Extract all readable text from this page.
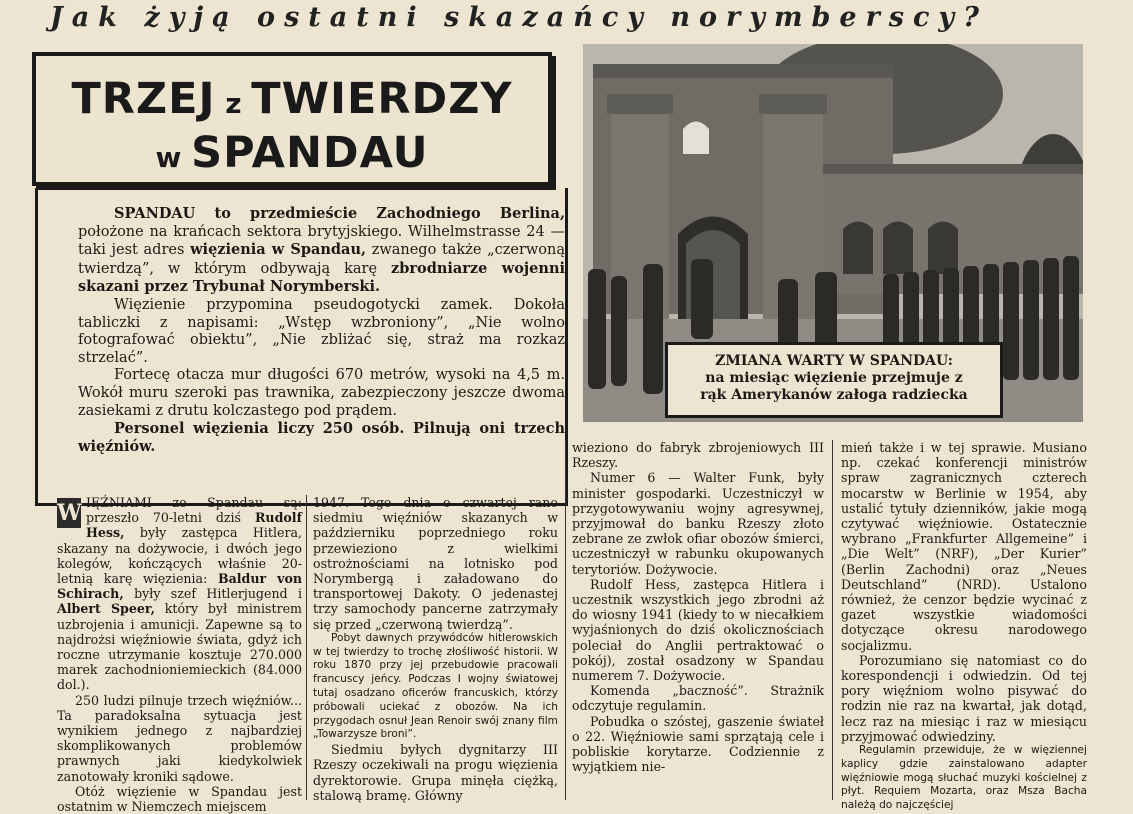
Jak żyją ostatni skazańcy norymberscy?
TRZEJ z TWIERDZY
w SPANDAU

SPANDAU to przedmieście Zachodniego Berlina, położone na krańcach sektora brytyjskiego. Wilhelmstrasse 24 — taki jest adres więzienia w Spandau, zwanego także „czerwoną twierdzą”, w którym odbywają karę zbrodniarze wojenni skazani przez Trybunał Norymberski.

Więzienie przypomina pseudogotycki zamek. Dokoła tabliczki z napisami: „Wstęp wzbroniony”, „Nie wolno fotografować obiektu”, „Nie zbliżać się, straż ma rozkaz strzelać”.

Fortecę otacza mur długości 670 metrów, wysoki na 4,5 m. Wokół muru szeroki pas trawnika, zabezpieczony jeszcze dwoma zasiekami z drutu kolczastego pod prądem.

Personel więzienia liczy 250 osób. Pilnują oni trzech więźniów.

ZMIANA WARTY W SPANDAU:
na miesiąc więzienie przejmuje z
rąk Amerykanów załoga radziecka

W IĘŹNIAMI ze Spandau są: przeszło 70-letni dziś Rudolf Hess, były zastępca Hitlera, skazany na dożywocie, i dwóch jego kolegów, kończących właśnie 20-letnią karę więzienia: Baldur von Schirach, były szef Hitlerjugend i Albert Speer, który był ministrem uzbrojenia i amunicji. Zapewne są to najdrożsi więźniowie świata, gdyż ich roczne utrzymanie kosztuje 270.000 marek zachodnioniemieckich (84.000 dol.).

250 ludzi pilnuje trzech więźniów... Ta paradoksalna sytuacja jest wynikiem jednego z najbardziej skomplikowanych problemów prawnych jaki kiedykolwiek zanotowały kroniki sądowe.

Otóż więzienie w Spandau jest ostatnim w Niemczech miejscem

1947. Tego dnia o czwartej rano siedmiu więźniów skazanych w październiku poprzedniego roku przewieziono z wielkimi ostrożnościami na lotnisko pod Norymbergą i załadowano do transportowej Dakoty. O jedenastej trzy samochody pancerne zatrzymały się przed „czerwoną twierdzą”.

Pobyt dawnych przywódców hitlerowskich w tej twierdzy to trochę złośliwość historii. W roku 1870 przy jej przebudowie pracowali francuscy jeńcy. Podczas I wojny światowej tutaj osadzano oficerów francuskich, którzy próbowali uciekać z obozów. Na ich przygodach osnuł Jean Renoir swój znany film „Towarzysze broni”.

Siedmiu byłych dygnitarzy III Rzeszy oczekiwali na progu więzienia dyrektorowie. Grupa minęła ciężką, stalową bramę. Główny

wieziono do fabryk zbrojeniowych III Rzeszy.

Numer 6 — Walter Funk, były minister gospodarki. Uczestniczył w przygotowywaniu wojny agresywnej, przyjmował do banku Rzeszy złoto zebrane ze zwłok ofiar obozów śmierci, uczestniczył w rabunku okupowanych terytoriów. Dożywocie.

Rudolf Hess, zastępca Hitlera i uczestnik wszystkich jego zbrodni aż do wiosny 1941 (kiedy to w niecałkiem wyjaśnionych do dziś okolicznościach poleciał do Anglii pertraktować o pokój), został osadzony w Spandau numerem 7. Dożywocie.

Komenda „baczność”. Strażnik odczytuje regulamin.

Pobudka o szóstej, gaszenie świateł o 22. Więźniowie sami sprzątają cele i pobliskie korytarze. Codziennie z wyjątkiem nie-

mień także i w tej sprawie. Musiano np. czekać konferencji ministrów spraw zagranicznych czterech mocarstw w Berlinie w 1954, aby ustalić tytuły dzienników, jakie mogą czytywać więźniowie. Ostatecznie wybrano „Frankfurter Allgemeine” i „Die Welt” (NRF), „Der Kurier” (Berlin Zachodni) oraz „Neues Deutschland” (NRD). Ustalono również, że cenzor będzie wycinać z gazet wszystkie wiadomości dotyczące okresu narodowego socjalizmu.

Porozumiano się natomiast co do korespondencji i odwiedzin. Od tej pory więźniom wolno pisywać do rodzin nie raz na kwartał, jak dotąd, lecz raz na miesiąc i raz w miesiącu przyjmować odwiedziny.

Regulamin przewiduje, że w więziennej kaplicy gdzie zainstalowano adapter więźniowie mogą słuchać muzyki kościelnej z płyt. Requiem Mozarta, oraz Msza Bacha należą do najczęściej
